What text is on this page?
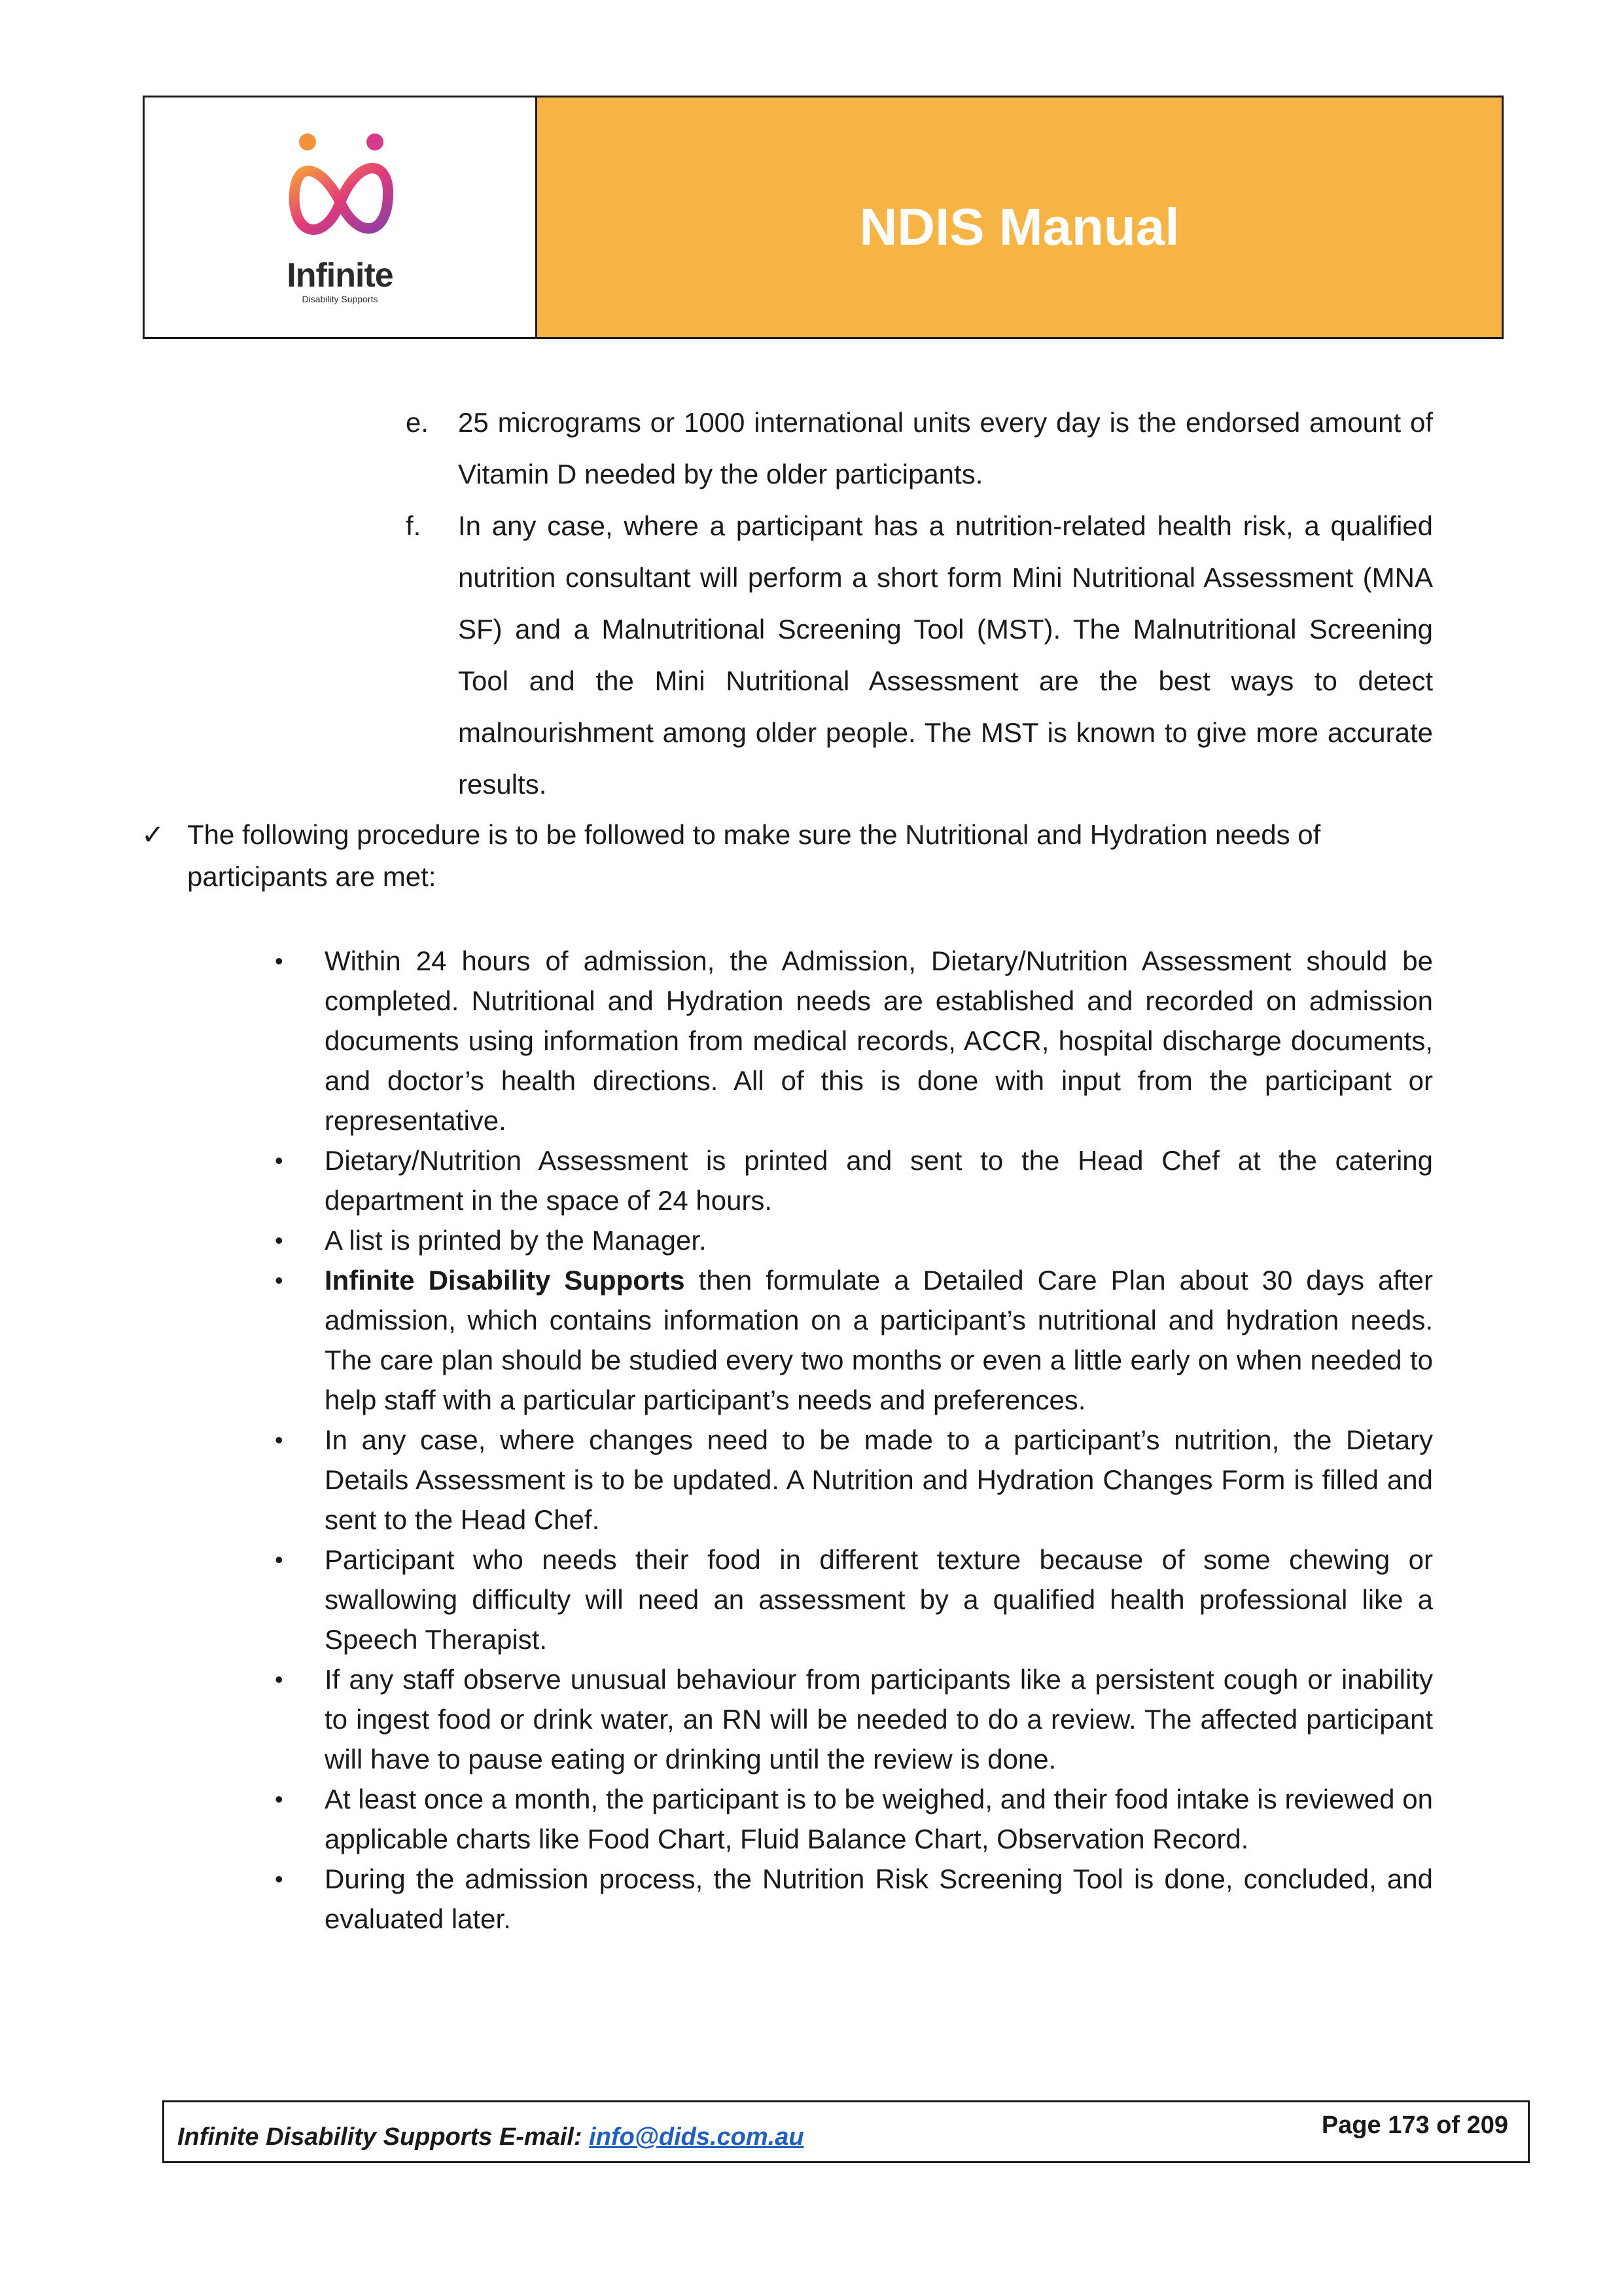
Infinite
Disability Supports
NDIS Manual
e. 25 micrograms or 1000 international units every day is the endorsed amount of Vitamin D needed by the older participants.
f. In any case, where a participant has a nutrition-related health risk, a qualified nutrition consultant will perform a short form Mini Nutritional Assessment (MNA SF) and a Malnutritional Screening Tool (MST). The Malnutritional Screening Tool and the Mini Nutritional Assessment are the best ways to detect malnourishment among older people. The MST is known to give more accurate results.
✓ The following procedure is to be followed to make sure the Nutritional and Hydration needs of participants are met:
• Within 24 hours of admission, the Admission, Dietary/Nutrition Assessment should be completed. Nutritional and Hydration needs are established and recorded on admission documents using information from medical records, ACCR, hospital discharge documents, and doctor’s health directions. All of this is done with input from the participant or representative.
• Dietary/Nutrition Assessment is printed and sent to the Head Chef at the catering department in the space of 24 hours.
• A list is printed by the Manager.
• Infinite Disability Supports then formulate a Detailed Care Plan about 30 days after admission, which contains information on a participant’s nutritional and hydration needs. The care plan should be studied every two months or even a little early on when needed to help staff with a particular participant’s needs and preferences.
• In any case, where changes need to be made to a participant’s nutrition, the Dietary Details Assessment is to be updated. A Nutrition and Hydration Changes Form is filled and sent to the Head Chef.
• Participant who needs their food in different texture because of some chewing or swallowing difficulty will need an assessment by a qualified health professional like a Speech Therapist.
• If any staff observe unusual behaviour from participants like a persistent cough or inability to ingest food or drink water, an RN will be needed to do a review. The affected participant will have to pause eating or drinking until the review is done.
• At least once a month, the participant is to be weighed, and their food intake is reviewed on applicable charts like Food Chart, Fluid Balance Chart, Observation Record.
• During the admission process, the Nutrition Risk Screening Tool is done, concluded, and evaluated later.
Infinite Disability Supports E-mail: info@dids.com.au	Page 173 of 209
